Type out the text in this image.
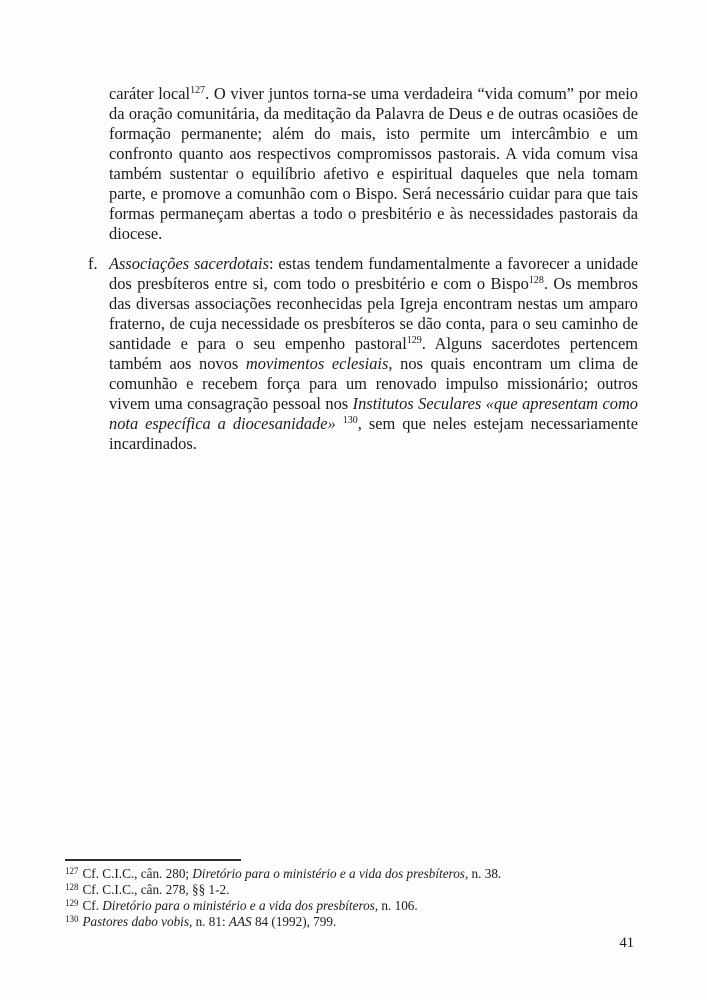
caráter local$^{127}$. O viver juntos torna-se uma verdadeira “vida comum” por meio da oração comunitária, da meditação da Palavra de Deus e de outras ocasiões de formação permanente; além do mais, isto permite um intercâmbio e um confronto quanto aos respectivos compromissos pastorais. A vida comum visa também sustentar o equilíbrio afetivo e espiritual daqueles que nela tomam parte, e promove a comunhão com o Bispo. Será necessário cuidar para que tais formas permaneçam abertas a todo o presbitério e às necessidades pastorais da diocese.

f. Associações sacerdotais: estas tendem fundamentalmente a favorecer a unidade dos presbíteros entre si, com todo o presbitério e com o Bispo$^{128}$. Os membros das diversas associações reconhecidas pela Igreja encontram nestas um amparo fraterno, de cuja necessidade os presbíteros se dão conta, para o seu caminho de santidade e para o seu empenho pastoral$^{129}$. Alguns sacerdotes pertencem também aos novos movimentos eclesiais, nos quais encontram um clima de comunhão e recebem força para um renovado impulso missionário; outros vivem uma consagração pessoal nos Institutos Seculares «que apresentam como nota específica a diocesanidade» $^{130}$, sem que neles estejam necessariamente incardinados.

$^{127}$ Cf. C.I.C., cân. 280; Diretório para o ministério e a vida dos presbíteros, n. 38.
$^{128}$ Cf. C.I.C., cân. 278, §§ 1-2.
$^{129}$ Cf. Diretório para o ministério e a vida dos presbíteros, n. 106.
$^{130}$ Pastores dabo vobis, n. 81: AAS 84 (1992), 799.
41
